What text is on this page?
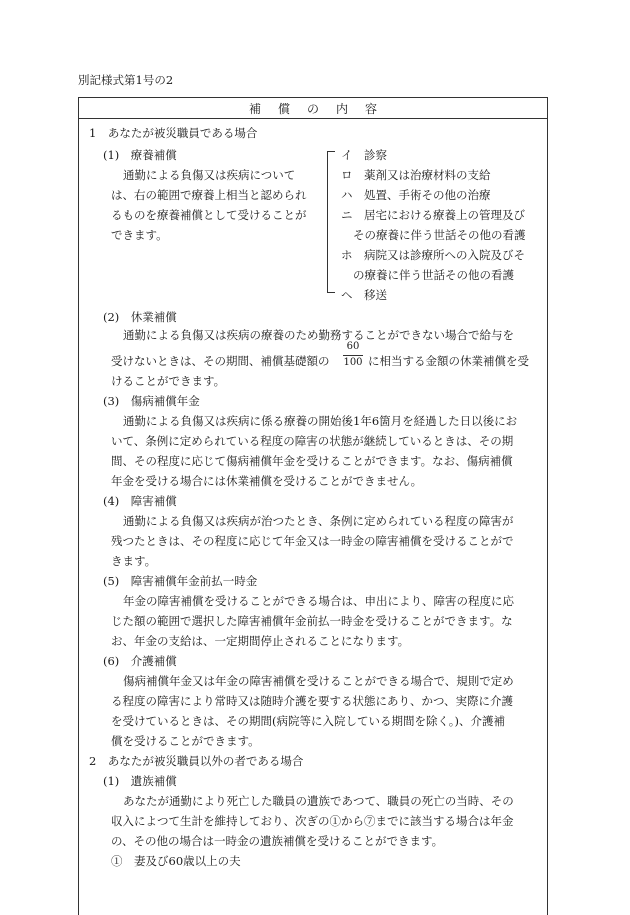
別記様式第1号の2
補 償 の 内 容
1　あなたが被災職員である場合
(1)　療養補償
通勤による負傷又は疾病について
は、右の範囲で療養上相当と認められ
るものを療養補償として受けることが
できます。
イ　診察
ロ　薬剤又は治療材料の支給
ハ　処置、手術その他の治療
ニ　居宅における療養上の管理及び
その療養に伴う世話その他の看護
ホ　病院又は診療所への入院及びそ
の療養に伴う世話その他の看護
ヘ　移送
(2)　休業補償
通勤による負傷又は疾病の療養のため勤務することができない場合で給与を
受けないときは、その期間、補償基礎額の
60
100 に相当する金額の休業補償を受
けることができます。
(3)　傷病補償年金
通勤による負傷又は疾病に係る療養の開始後1年6箇月を経過した日以後にお
いて、条例に定められている程度の障害の状態が継続しているときは、その期
間、その程度に応じて傷病補償年金を受けることができます。なお、傷病補償
年金を受ける場合には休業補償を受けることができません。
(4)　障害補償
通勤による負傷又は疾病が治つたとき、条例に定められている程度の障害が
残つたときは、その程度に応じて年金又は一時金の障害補償を受けることがで
きます。
(5)　障害補償年金前払一時金
年金の障害補償を受けることができる場合は、申出により、障害の程度に応
じた額の範囲で選択した障害補償年金前払一時金を受けることができます。な
お、年金の支給は、一定期間停止されることになります。
(6)　介護補償
傷病補償年金又は年金の障害補償を受けることができる場合で、規則で定め
る程度の障害により常時又は随時介護を要する状態にあり、かつ、実際に介護
を受けているときは、その期間(病院等に入院している期間を除く。)、介護補
償を受けることができます。
2　あなたが被災職員以外の者である場合
(1)　遺族補償
あなたが通勤により死亡した職員の遺族であつて、職員の死亡の当時、その
収入によつて生計を維持しており、次ぎの①から⑦までに該当する場合は年金
の、その他の場合は一時金の遺族補償を受けることができます。
①　妻及び60歳以上の夫
